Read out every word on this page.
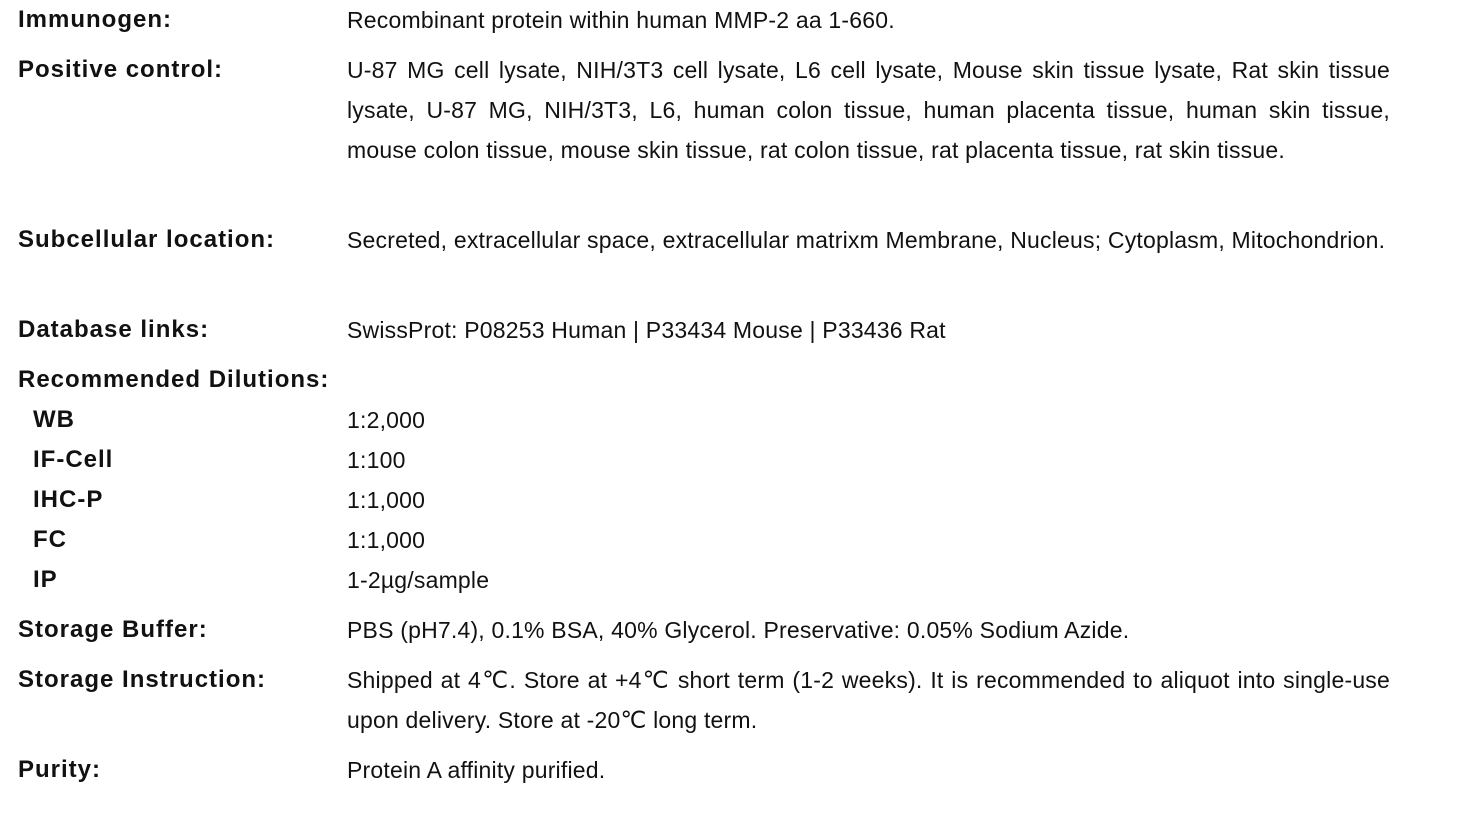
Immunogen:	Recombinant protein within human MMP-2 aa 1-660.
Positive control:	U-87 MG cell lysate, NIH/3T3 cell lysate, L6 cell lysate, Mouse skin tissue lysate, Rat skin tissue lysate, U-87 MG, NIH/3T3, L6, human colon tissue, human placenta tissue, human skin tissue, mouse colon tissue, mouse skin tissue, rat colon tissue, rat placenta tissue, rat skin tissue.
Subcellular location:	Secreted, extracellular space, extracellular matrixm Membrane, Nucleus; Cytoplasm, Mitochondrion.
Database links:	SwissProt: P08253 Human | P33434 Mouse | P33436 Rat
Recommended Dilutions:
WB	1:2,000
IF-Cell	1:100
IHC-P	1:1,000
FC	1:1,000
IP	1-2µg/sample
Storage Buffer:	PBS (pH7.4), 0.1% BSA, 40% Glycerol. Preservative: 0.05% Sodium Azide.
Storage Instruction:	Shipped at 4℃. Store at +4℃ short term (1-2 weeks). It is recommended to aliquot into single-use upon delivery. Store at -20℃ long term.
Purity:	Protein A affinity purified.
